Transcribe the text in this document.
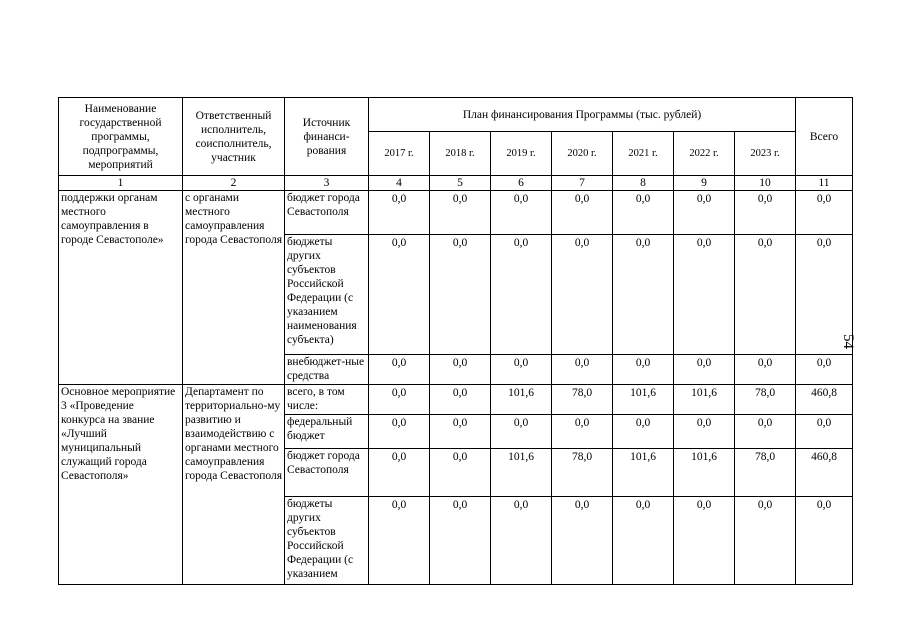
Наименование государственной программы, подпрограммы, мероприятий	Ответственный исполнитель, соисполнитель, участник	Источник финанси-рования	План финансирования Программы (тыс. рублей)							Всего
			2017 г.	2018 г.	2019 г.	2020 г.	2021 г.	2022 г.	2023 г.	
1	2	3	4	5	6	7	8	9	10	11
поддержки органам местного самоуправления в городе Севастополе»	с органами местного самоуправления города Севастополя	бюджет города Севастополя	0,0	0,0	0,0	0,0	0,0	0,0	0,0	0,0
		бюджеты других субъектов Российской Федерации (с указанием наименования субъекта)	0,0	0,0	0,0	0,0	0,0	0,0	0,0	0,0
		внебюджет-ные средства	0,0	0,0	0,0	0,0	0,0	0,0	0,0	0,0
Основное мероприятие 3 «Проведение конкурса на звание «Лучший муниципальный служащий города Севастополя»	Департамент по территориально-му развитию и взаимодействию с органами местного самоуправления города Севастополя	всего, в том числе:	0,0	0,0	101,6	78,0	101,6	101,6	78,0	460,8
		федеральный бюджет	0,0	0,0	0,0	0,0	0,0	0,0	0,0	0,0
		бюджет города Севастополя	0,0	0,0	101,6	78,0	101,6	101,6	78,0	460,8
		бюджеты других субъектов Российской Федерации (с указанием	0,0	0,0	0,0	0,0	0,0	0,0	0,0	0,0
54
